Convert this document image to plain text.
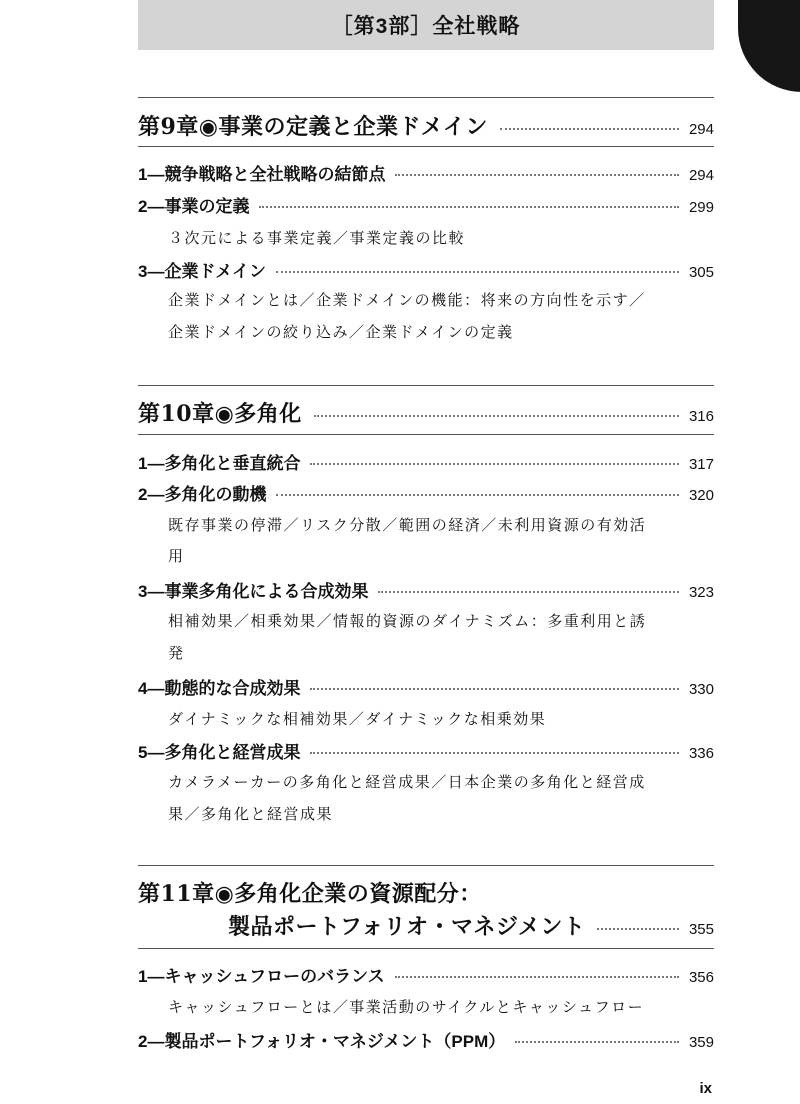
［第3部］全社戦略
第9章◉事業の定義と企業ドメイン	294
1―競争戦略と全社戦略の結節点	294
2―事業の定義	299
３次元による事業定義／事業定義の比較
3―企業ドメイン	305
企業ドメインとは／企業ドメインの機能：将来の方向性を示す／
企業ドメインの絞り込み／企業ドメインの定義
第10章◉多角化	316
1―多角化と垂直統合	317
2―多角化の動機	320
既存事業の停滞／リスク分散／範囲の経済／未利用資源の有効活
用
3―事業多角化による合成効果	323
相補効果／相乗効果／情報的資源のダイナミズム：多重利用と誘
発
4―動態的な合成効果	330
ダイナミックな相補効果／ダイナミックな相乗効果
5―多角化と経営成果	336
カメラメーカーの多角化と経営成果／日本企業の多角化と経営成
果／多角化と経営成果
第11章◉多角化企業の資源配分：
製品ポートフォリオ・マネジメント	355
1―キャッシュフローのバランス	356
キャッシュフローとは／事業活動のサイクルとキャッシュフロー
2―製品ポートフォリオ・マネジメント（PPM）	359
ix
